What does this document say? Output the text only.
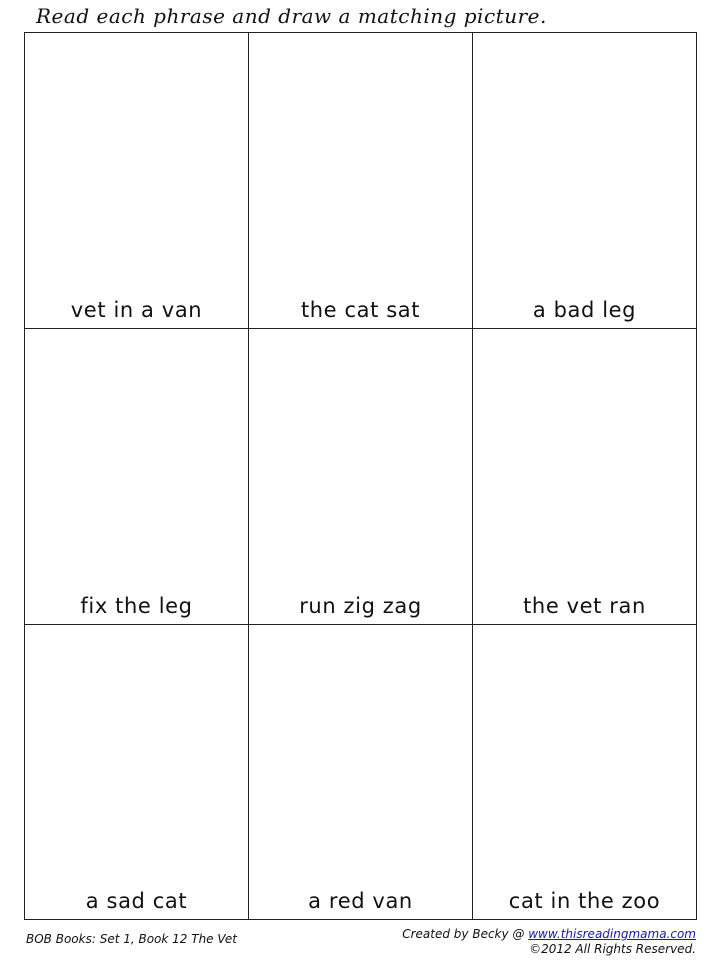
Read each phrase and draw a matching picture.
vet in a van	the cat sat	a bad leg
fix the leg	run zig zag	the vet ran
a sad cat	a red van	cat in the zoo
BOB Books: Set 1, Book 12 The Vet	Created by Becky @ www.thisreadingmama.com
©2012 All Rights Reserved.
